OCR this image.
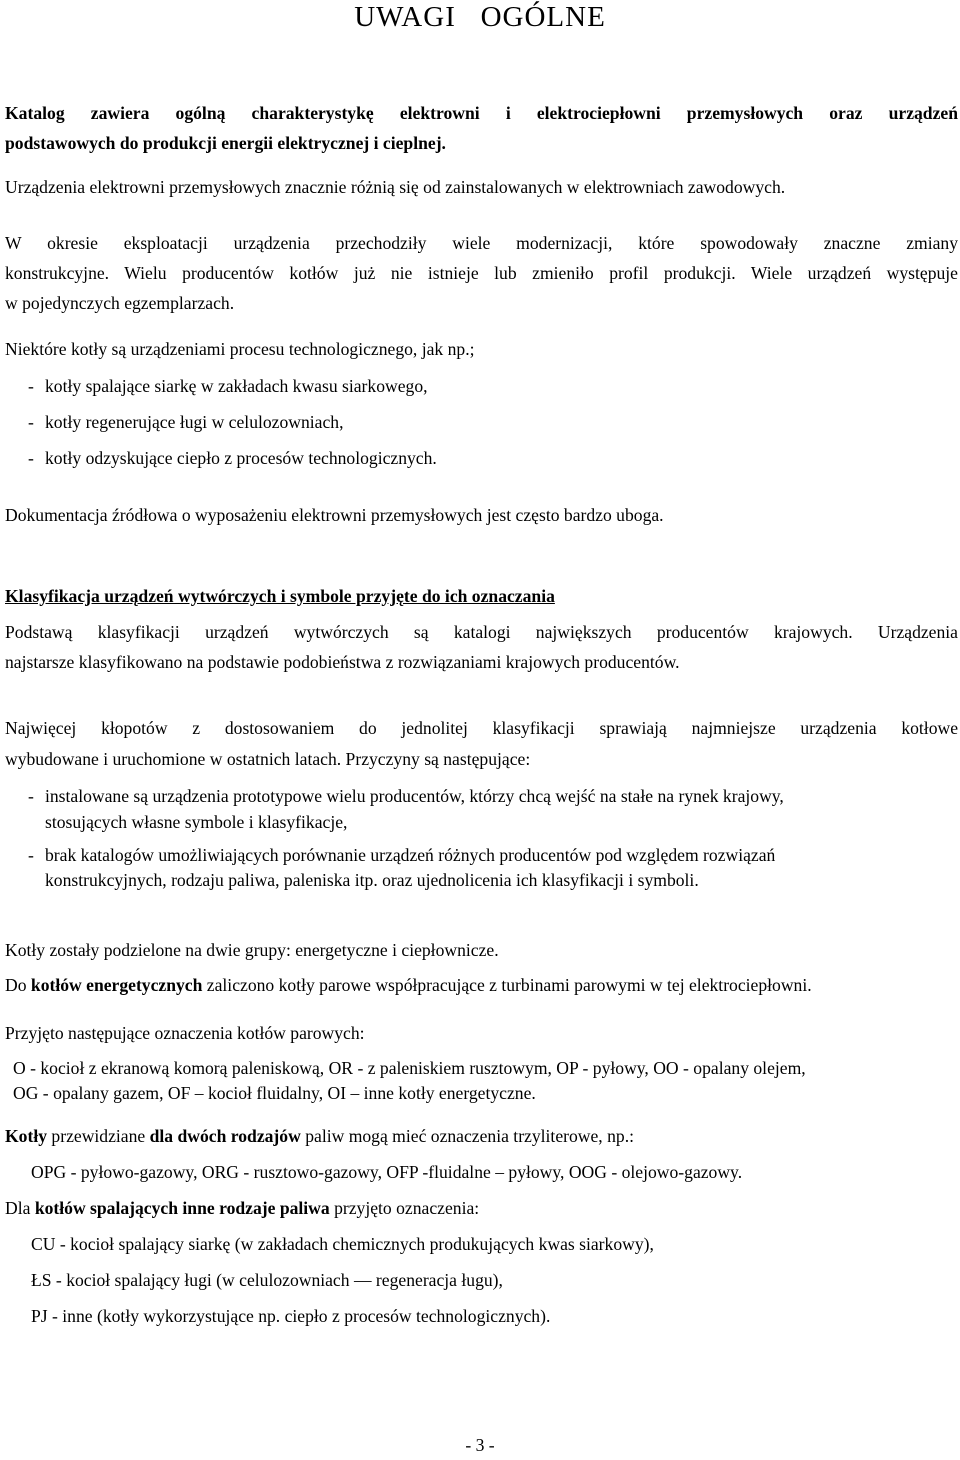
UWAGI   OGÓLNE
Katalog zawiera ogólną charakterystykę elektrowni i elektrociepłowni przemysłowych oraz urządzeń
podstawowych do produkcji energii elektrycznej i cieplnej.
Urządzenia elektrowni przemysłowych znacznie różnią się od zainstalowanych w elektrowniach zawodowych.
W okresie eksploatacji urządzenia przechodziły wiele modernizacji, które spowodowały znaczne zmiany
konstrukcyjne. Wielu producentów kotłów już nie istnieje lub zmieniło profil produkcji. Wiele urządzeń występuje
w pojedynczych egzemplarzach.
Niektóre kotły są urządzeniami procesu technologicznego, jak np.;
- kotły spalające siarkę w zakładach kwasu siarkowego,
- kotły regenerujące ługi w celulozowniach,
- kotły odzyskujące ciepło z procesów technologicznych.
Dokumentacja źródłowa o wyposażeniu elektrowni przemysłowych jest często bardzo uboga.
Klasyfikacja urządzeń wytwórczych i symbole przyjęte do ich oznaczania
Podstawą klasyfikacji urządzeń wytwórczych są katalogi największych producentów krajowych. Urządzenia
najstarsze klasyfikowano na podstawie podobieństwa z rozwiązaniami krajowych producentów.
Najwięcej kłopotów z dostosowaniem do jednolitej klasyfikacji sprawiają najmniejsze urządzenia kotłowe
wybudowane i uruchomione w ostatnich latach. Przyczyny są następujące:
- instalowane są urządzenia prototypowe wielu producentów, którzy chcą wejść na stałe na rynek krajowy,
stosujących własne symbole i klasyfikacje,
- brak katalogów umożliwiających porównanie urządzeń różnych producentów pod względem rozwiązań
konstrukcyjnych, rodzaju paliwa, paleniska itp. oraz ujednolicenia ich klasyfikacji i symboli.
Kotły zostały podzielone na dwie grupy: energetyczne i ciepłownicze.
Do kotłów energetycznych zaliczono kotły parowe współpracujące z turbinami parowymi w tej elektrociepłowni.
Przyjęto następujące oznaczenia kotłów parowych:
O - kocioł z ekranową komorą paleniskową, OR - z paleniskiem rusztowym, OP - pyłowy, OO - opalany olejem,
OG - opalany gazem, OF – kocioł fluidalny, OI – inne kotły energetyczne.
Kotły przewidziane dla dwóch rodzajów paliw mogą mieć oznaczenia trzyliterowe, np.:
OPG - pyłowo-gazowy, ORG - rusztowo-gazowy, OFP -fluidalne – pyłowy, OOG - olejowo-gazowy.
Dla kotłów spalających inne rodzaje paliwa przyjęto oznaczenia:
CU - kocioł spalający siarkę (w zakładach chemicznych produkujących kwas siarkowy),
ŁS - kocioł spalający ługi (w celulozowniach –– regeneracja ługu),
PJ - inne (kotły wykorzystujące np. ciepło z procesów technologicznych).
- 3 -
